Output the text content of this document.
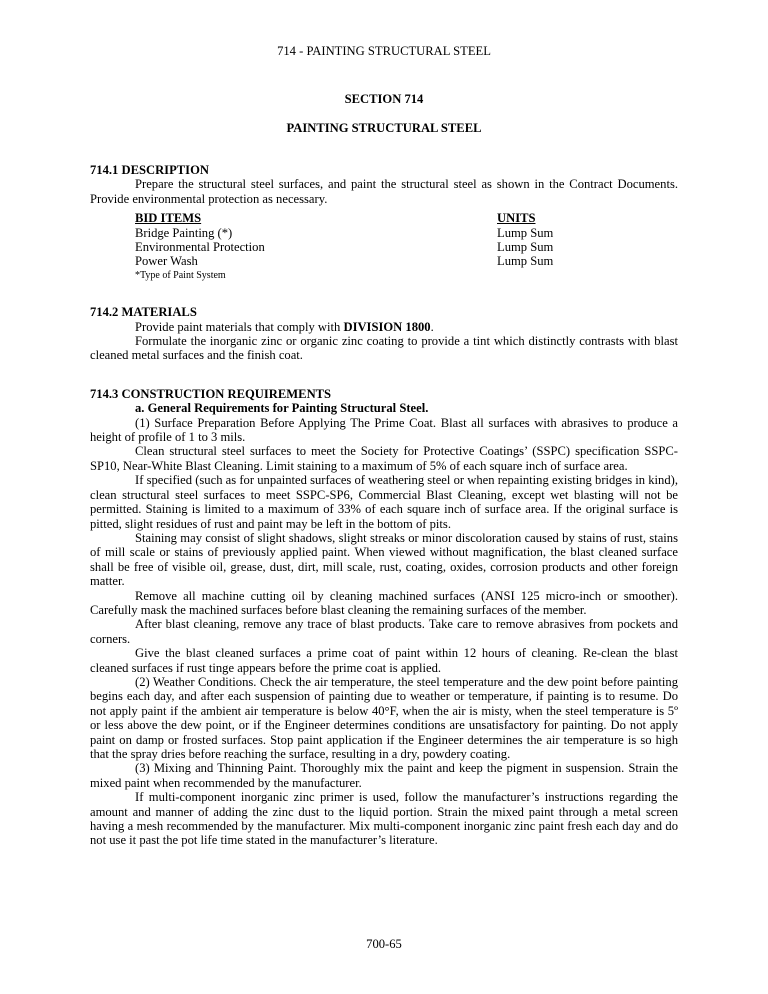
714 - PAINTING STRUCTURAL STEEL
SECTION 714
PAINTING STRUCTURAL STEEL
714.1 DESCRIPTION
Prepare the structural steel surfaces, and paint the structural steel as shown in the Contract Documents. Provide environmental protection as necessary.
BID ITEMS
Bridge Painting (*)
Environmental Protection
Power Wash
*Type of Paint System
UNITS
Lump Sum
Lump Sum
Lump Sum
714.2 MATERIALS
Provide paint materials that comply with DIVISION 1800.
Formulate the inorganic zinc or organic zinc coating to provide a tint which distinctly contrasts with blast cleaned metal surfaces and the finish coat.
714.3 CONSTRUCTION REQUIREMENTS
a. General Requirements for Painting Structural Steel.
(1) Surface Preparation Before Applying The Prime Coat. Blast all surfaces with abrasives to produce a height of profile of 1 to 3 mils.
Clean structural steel surfaces to meet the Society for Protective Coatings’ (SSPC) specification SSPC-SP10, Near-White Blast Cleaning. Limit staining to a maximum of 5% of each square inch of surface area.
If specified (such as for unpainted surfaces of weathering steel or when repainting existing bridges in kind), clean structural steel surfaces to meet SSPC-SP6, Commercial Blast Cleaning, except wet blasting will not be permitted. Staining is limited to a maximum of 33% of each square inch of surface area. If the original surface is pitted, slight residues of rust and paint may be left in the bottom of pits.
Staining may consist of slight shadows, slight streaks or minor discoloration caused by stains of rust, stains of mill scale or stains of previously applied paint. When viewed without magnification, the blast cleaned surface shall be free of visible oil, grease, dust, dirt, mill scale, rust, coating, oxides, corrosion products and other foreign matter.
Remove all machine cutting oil by cleaning machined surfaces (ANSI 125 micro-inch or smoother). Carefully mask the machined surfaces before blast cleaning the remaining surfaces of the member.
After blast cleaning, remove any trace of blast products. Take care to remove abrasives from pockets and corners.
Give the blast cleaned surfaces a prime coat of paint within 12 hours of cleaning. Re-clean the blast cleaned surfaces if rust tinge appears before the prime coat is applied.
(2) Weather Conditions. Check the air temperature, the steel temperature and the dew point before painting begins each day, and after each suspension of painting due to weather or temperature, if painting is to resume. Do not apply paint if the ambient air temperature is below 40°F, when the air is misty, when the steel temperature is 5º or less above the dew point, or if the Engineer determines conditions are unsatisfactory for painting. Do not apply paint on damp or frosted surfaces. Stop paint application if the Engineer determines the air temperature is so high that the spray dries before reaching the surface, resulting in a dry, powdery coating.
(3) Mixing and Thinning Paint. Thoroughly mix the paint and keep the pigment in suspension. Strain the mixed paint when recommended by the manufacturer.
If multi-component inorganic zinc primer is used, follow the manufacturer’s instructions regarding the amount and manner of adding the zinc dust to the liquid portion. Strain the mixed paint through a metal screen having a mesh recommended by the manufacturer. Mix multi-component inorganic zinc paint fresh each day and do not use it past the pot life time stated in the manufacturer’s literature.
700-65
